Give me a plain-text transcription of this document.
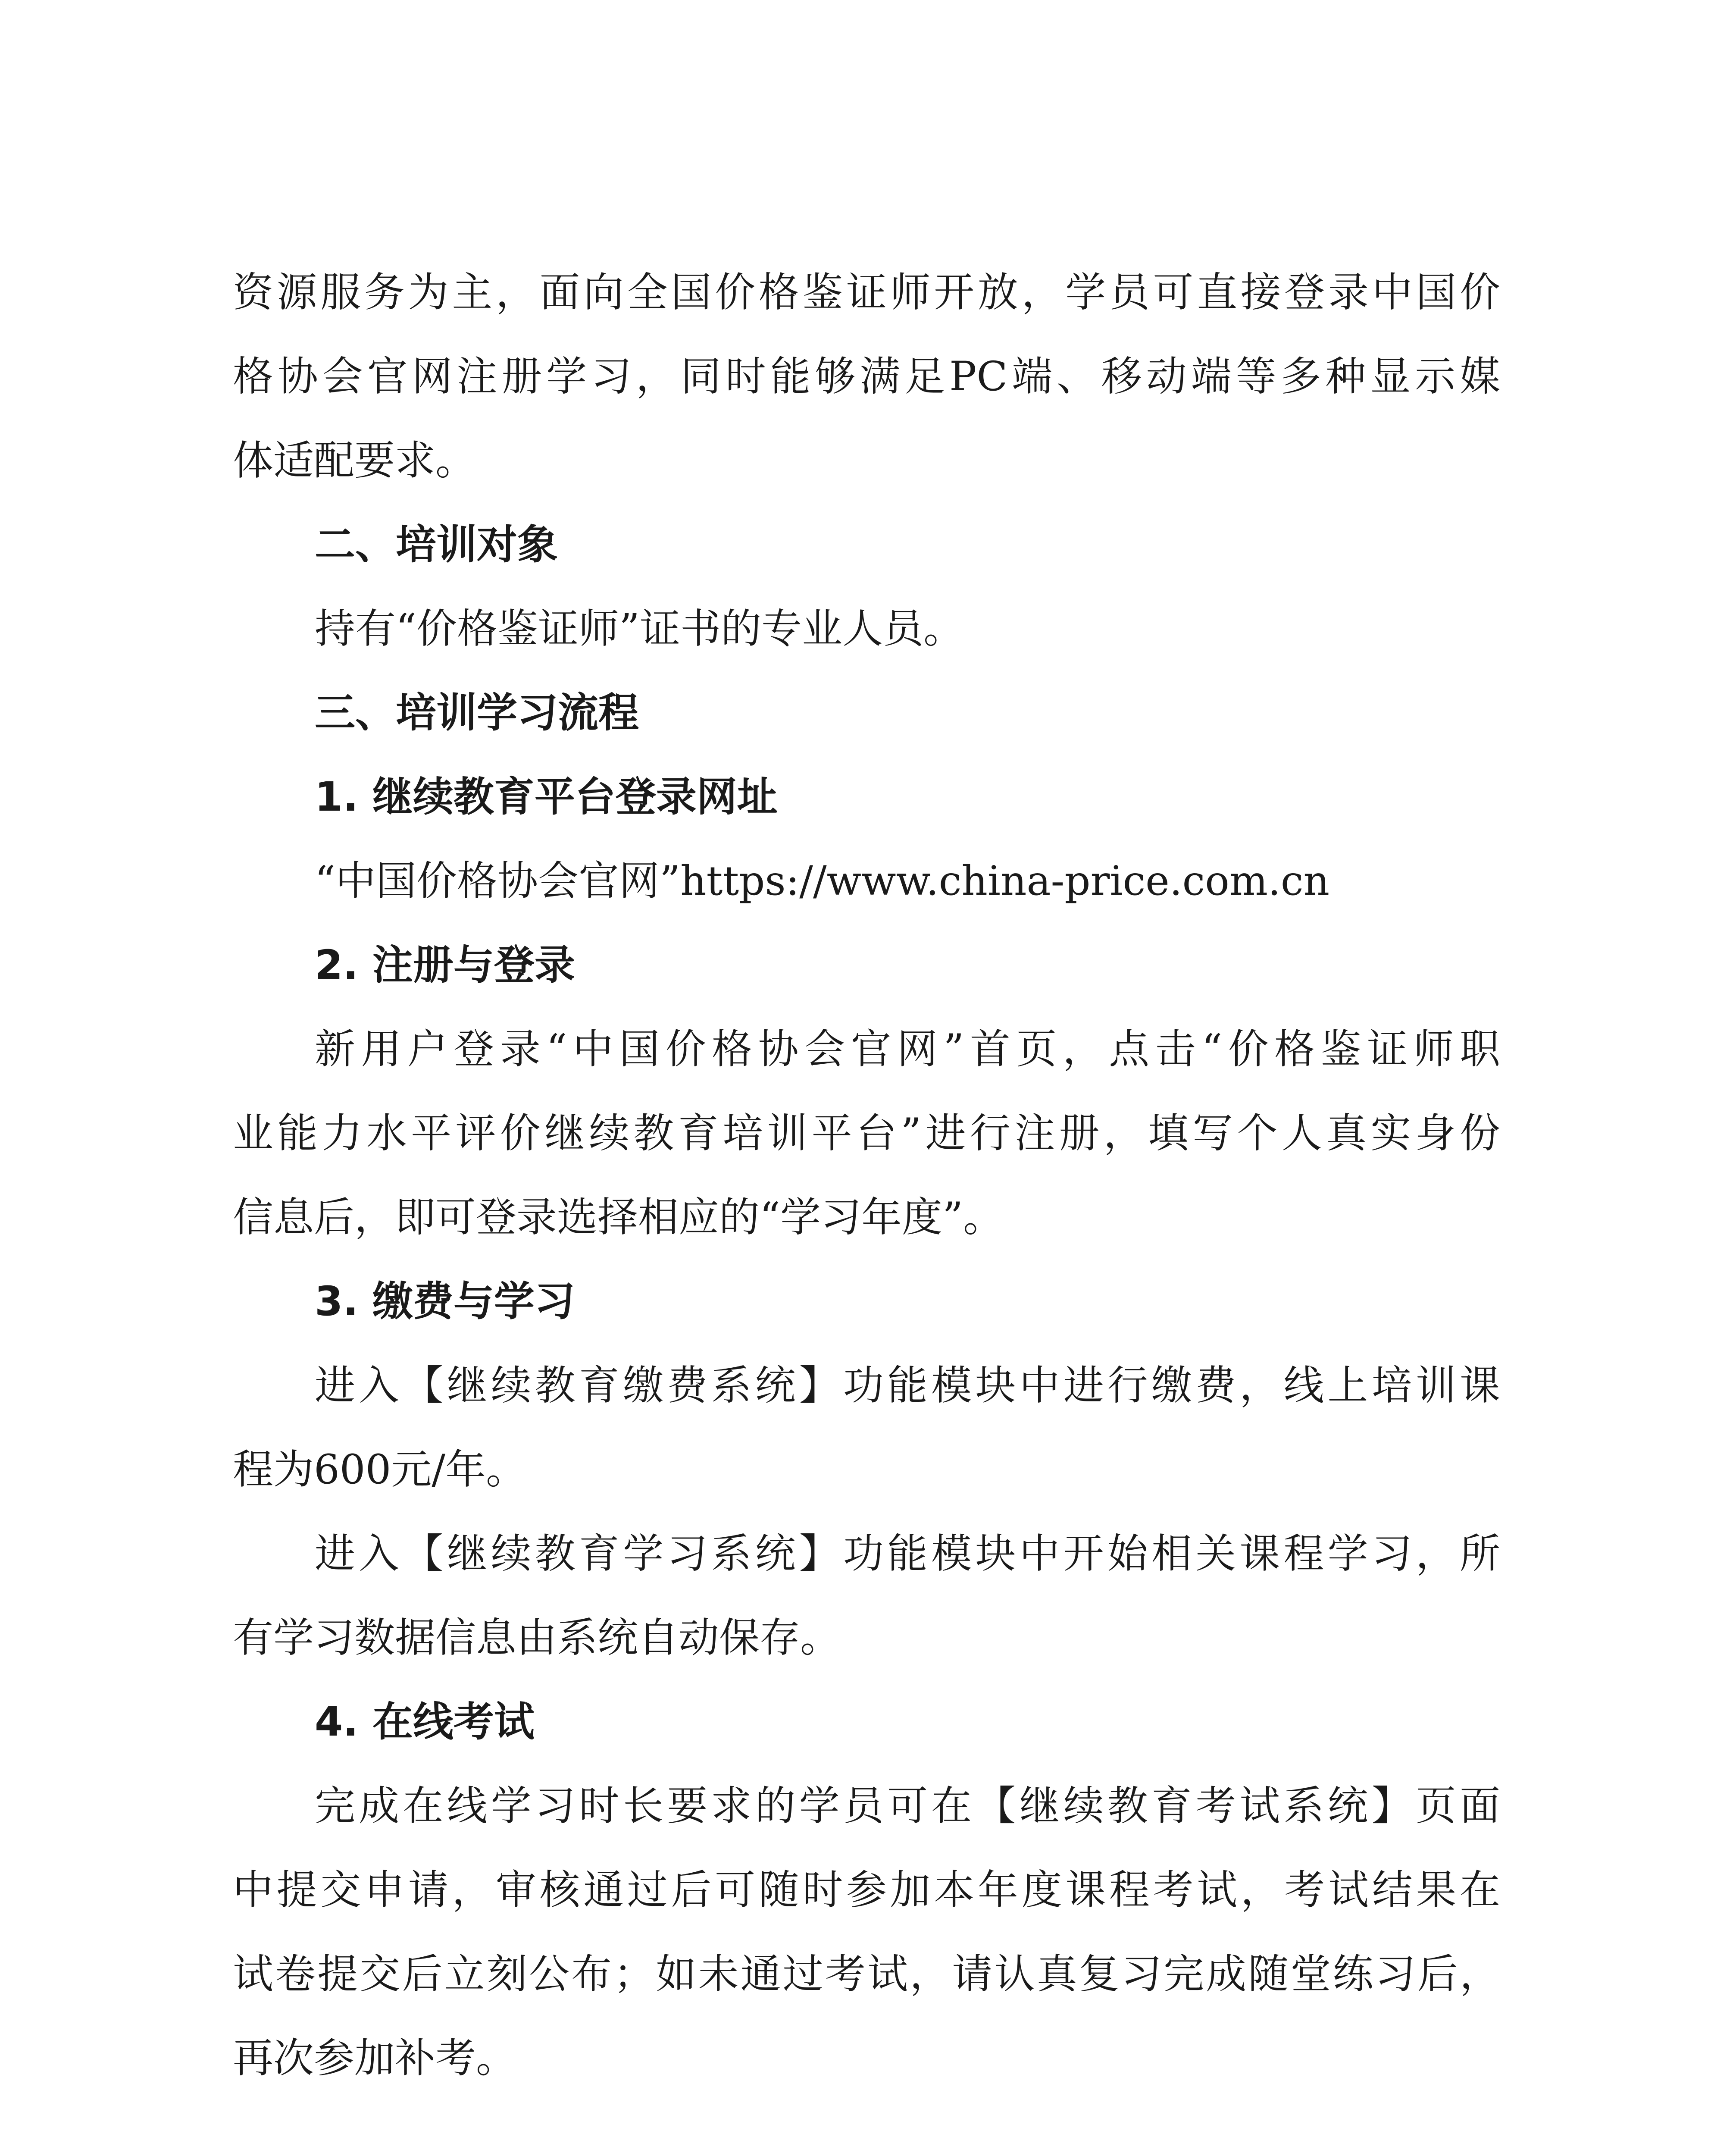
资源服务为主，面向全国价格鉴证师开放，学员可直接登录中国价
格协会官网注册学习，同时能够满足PC端、移动端等多种显示媒
体适配要求。
二、培训对象
持有“价格鉴证师”证书的专业人员。
三、培训学习流程
1. 继续教育平台登录网址
“中国价格协会官网”https://www.china-price.com.cn
2. 注册与登录
新用户登录“中国价格协会官网”首页，点击“价格鉴证师职
业能力水平评价继续教育培训平台”进行注册，填写个人真实身份
信息后，即可登录选择相应的“学习年度”。
3. 缴费与学习
进入【继续教育缴费系统】功能模块中进行缴费，线上培训课
程为600元/年。
进入【继续教育学习系统】功能模块中开始相关课程学习，所
有学习数据信息由系统自动保存。
4. 在线考试
完成在线学习时长要求的学员可在【继续教育考试系统】页面
中提交申请，审核通过后可随时参加本年度课程考试，考试结果在
试卷提交后立刻公布；如未通过考试，请认真复习完成随堂练习后，
再次参加补考。
